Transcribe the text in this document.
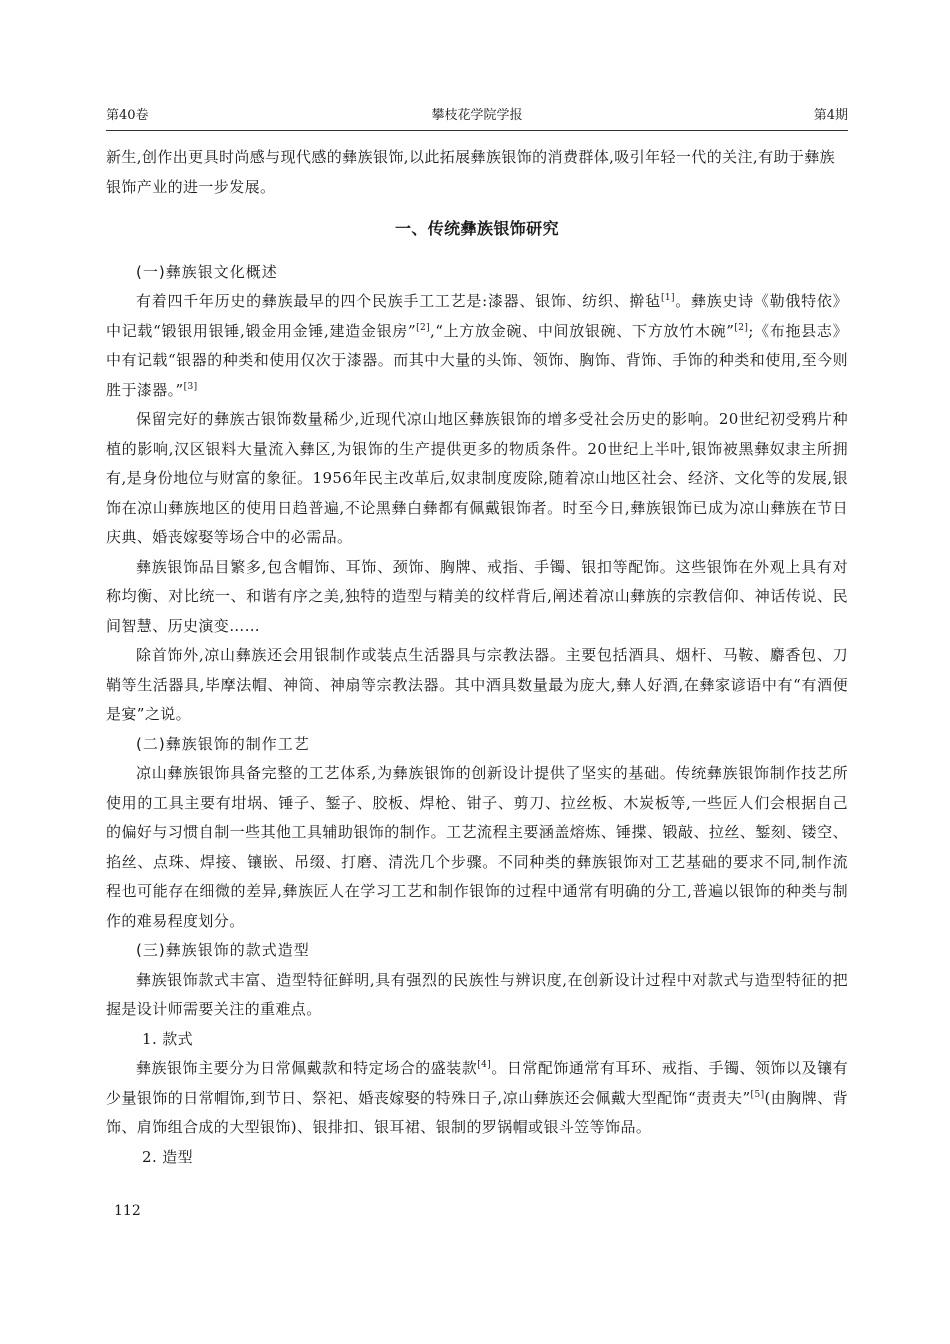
第40卷	攀枝花学院学报	第4期

新生,创作出更具时尚感与现代感的彝族银饰,以此拓展彝族银饰的消费群体,吸引年轻一代的关注,有助于彝族银饰产业的进一步发展。

一、传统彝族银饰研究

(一)彝族银文化概述

有着四千年历史的彝族最早的四个民族手工工艺是:漆器、银饰、纺织、擀毡[1]。彝族史诗《勒俄特依》中记载“锻银用银锤,锻金用金锤,建造金银房”[2],“上方放金碗、中间放银碗、下方放竹木碗”[2];《布拖县志》中有记载“银器的种类和使用仅次于漆器。而其中大量的头饰、领饰、胸饰、背饰、手饰的种类和使用,至今则胜于漆器。”[3]

保留完好的彝族古银饰数量稀少,近现代凉山地区彝族银饰的增多受社会历史的影响。20世纪初受鸦片种植的影响,汉区银料大量流入彝区,为银饰的生产提供更多的物质条件。20世纪上半叶,银饰被黑彝奴隶主所拥有,是身份地位与财富的象征。1956年民主改革后,奴隶制度废除,随着凉山地区社会、经济、文化等的发展,银饰在凉山彝族地区的使用日趋普遍,不论黑彝白彝都有佩戴银饰者。时至今日,彝族银饰已成为凉山彝族在节日庆典、婚丧嫁娶等场合中的必需品。

彝族银饰品目繁多,包含帽饰、耳饰、颈饰、胸牌、戒指、手镯、银扣等配饰。这些银饰在外观上具有对称均衡、对比统一、和谐有序之美,独特的造型与精美的纹样背后,阐述着凉山彝族的宗教信仰、神话传说、民间智慧、历史演变……

除首饰外,凉山彝族还会用银制作或装点生活器具与宗教法器。主要包括酒具、烟杆、马鞍、麝香包、刀鞘等生活器具,毕摩法帽、神筒、神扇等宗教法器。其中酒具数量最为庞大,彝人好酒,在彝家谚语中有“有酒便是宴”之说。

(二)彝族银饰的制作工艺

凉山彝族银饰具备完整的工艺体系,为彝族银饰的创新设计提供了坚实的基础。传统彝族银饰制作技艺所使用的工具主要有坩埚、锤子、錾子、胶板、焊枪、钳子、剪刀、拉丝板、木炭板等,一些匠人们会根据自己的偏好与习惯自制一些其他工具辅助银饰的制作。工艺流程主要涵盖熔炼、锤揲、锻敲、拉丝、錾刻、镂空、掐丝、点珠、焊接、镶嵌、吊缀、打磨、清洗几个步骤。不同种类的彝族银饰对工艺基础的要求不同,制作流程也可能存在细微的差异,彝族匠人在学习工艺和制作银饰的过程中通常有明确的分工,普遍以银饰的种类与制作的难易程度划分。

(三)彝族银饰的款式造型

彝族银饰款式丰富、造型特征鲜明,具有强烈的民族性与辨识度,在创新设计过程中对款式与造型特征的把握是设计师需要关注的重难点。

1. 款式

彝族银饰主要分为日常佩戴款和特定场合的盛装款[4]。日常配饰通常有耳环、戒指、手镯、领饰以及镶有少量银饰的日常帽饰,到节日、祭祀、婚丧嫁娶的特殊日子,凉山彝族还会佩戴大型配饰“责责夫”[5](由胸牌、背饰、肩饰组合成的大型银饰)、银排扣、银耳裙、银制的罗锅帽或银斗笠等饰品。

2. 造型

112
